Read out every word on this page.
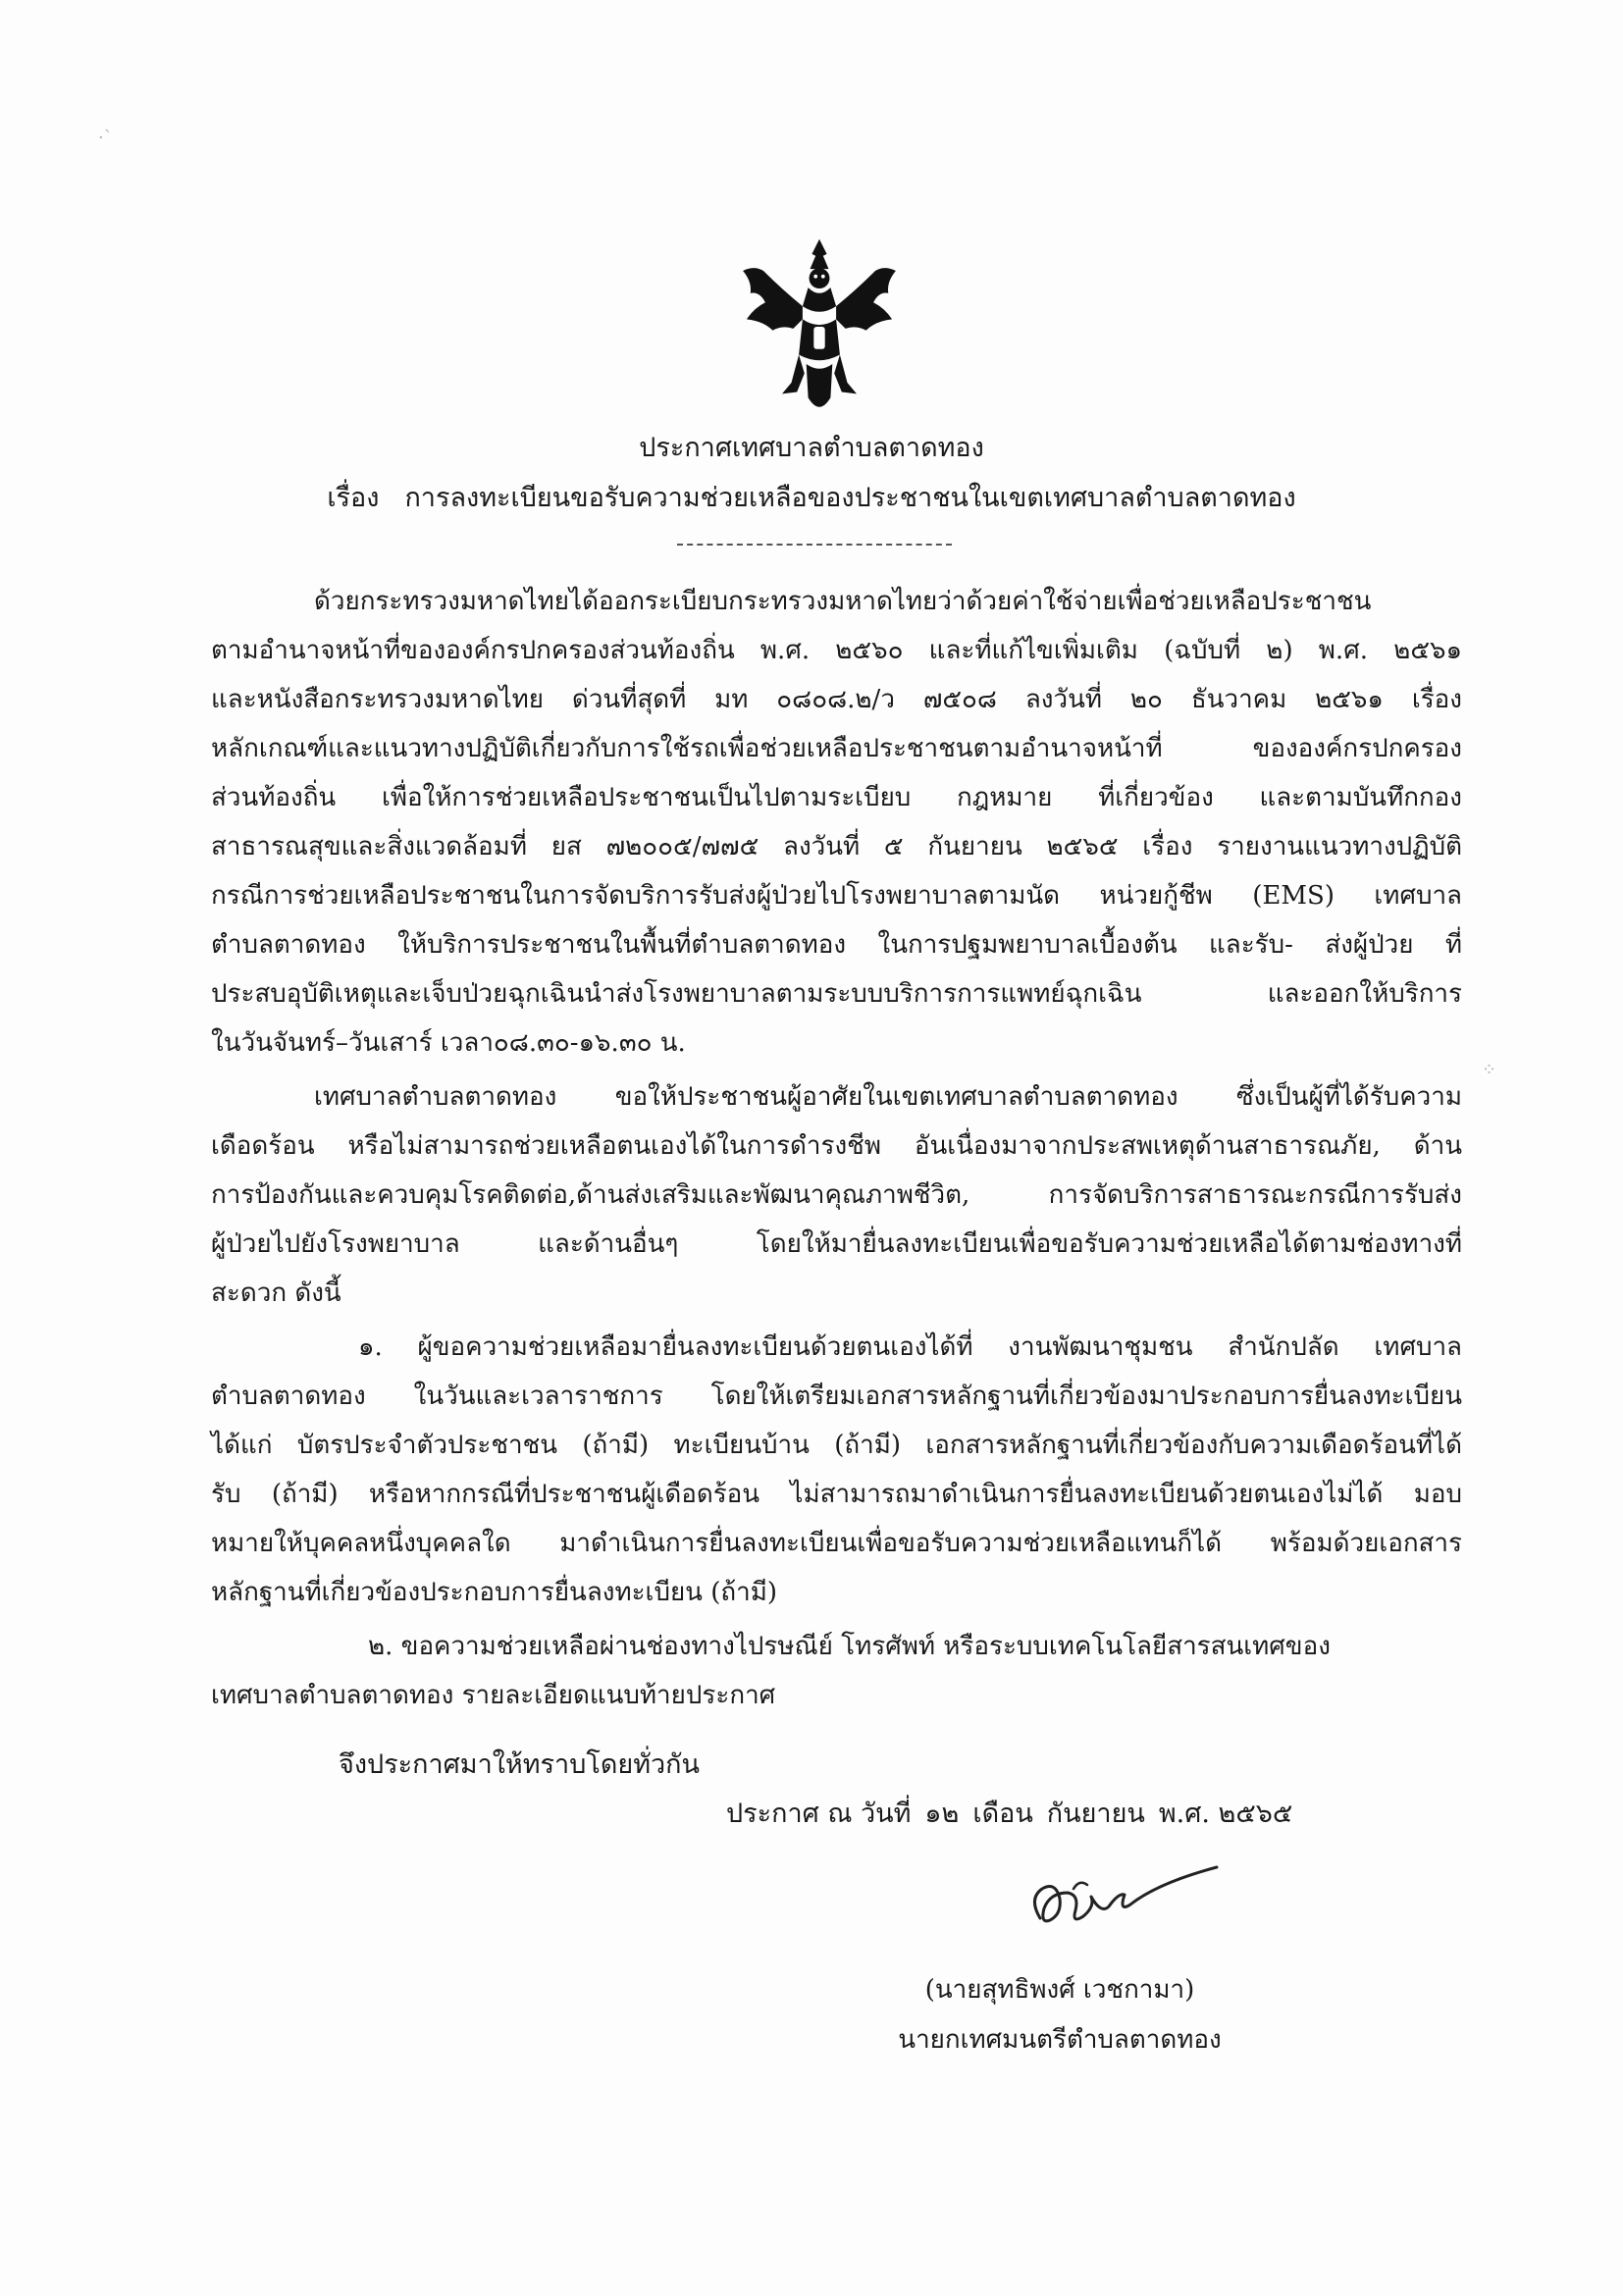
·`
⁘
ประกาศเทศบาลตำบลตาดทอง
เรื่อง การลงทะเบียนขอรับความช่วยเหลือของประชาชนในเขตเทศบาลตำบลตาดทอง
ด้วยกระทรวงมหาดไทยได้ออกระเบียบกระทรวงมหาดไทยว่าด้วยค่าใช้จ่ายเพื่อช่วยเหลือประชาชน
ตามอำนาจหน้าที่ขององค์กรปกครองส่วนท้องถิ่น พ.ศ. ๒๕๖๐ และที่แก้ไขเพิ่มเติม (ฉบับที่ ๒) พ.ศ. ๒๕๖๑
และหนังสือกระทรวงมหาดไทย ด่วนที่สุดที่ มท ๐๘๐๘.๒/ว ๗๕๐๘ ลงวันที่ ๒๐ ธันวาคม ๒๕๖๑ เรื่อง
หลักเกณฑ์และแนวทางปฏิบัติเกี่ยวกับการใช้รถเพื่อช่วยเหลือประชาชนตามอำนาจหน้าที่ ขององค์กรปกครอง
ส่วนท้องถิ่น เพื่อให้การช่วยเหลือประชาชนเป็นไปตามระเบียบ กฎหมาย ที่เกี่ยวข้อง และตามบันทึกกอง
สาธารณสุขและสิ่งแวดล้อมที่ ยส ๗๒๐๐๕/๗๗๕ ลงวันที่ ๕ กันยายน ๒๕๖๕ เรื่อง รายงานแนวทางปฏิบัติ
กรณีการช่วยเหลือประชาชนในการจัดบริการรับส่งผู้ป่วยไปโรงพยาบาลตามนัด หน่วยกู้ชีพ (EMS) เทศบาล
ตำบลตาดทอง ให้บริการประชาชนในพื้นที่ตำบลตาดทอง ในการปฐมพยาบาลเบื้องต้น และรับ- ส่งผู้ป่วย ที่
ประสบอุบัติเหตุและเจ็บป่วยฉุกเฉินนำส่งโรงพยาบาลตามระบบบริการการแพทย์ฉุกเฉิน และออกให้บริการ
ในวันจันทร์–วันเสาร์ เวลา๐๘.๓๐-๑๖.๓๐ น.
เทศบาลตำบลตาดทอง ขอให้ประชาชนผู้อาศัยในเขตเทศบาลตำบลตาดทอง ซึ่งเป็นผู้ที่ได้รับความ
เดือดร้อน หรือไม่สามารถช่วยเหลือตนเองได้ในการดำรงชีพ อันเนื่องมาจากประสพเหตุด้านสาธารณภัย, ด้าน
การป้องกันและควบคุมโรคติดต่อ,ด้านส่งเสริมและพัฒนาคุณภาพชีวิต, การจัดบริการสาธารณะกรณีการรับส่ง
ผู้ป่วยไปยังโรงพยาบาล และด้านอื่นๆ โดยให้มายื่นลงทะเบียนเพื่อขอรับความช่วยเหลือได้ตามช่องทางที่
สะดวก ดังนี้
๑. ผู้ขอความช่วยเหลือมายื่นลงทะเบียนด้วยตนเองได้ที่ งานพัฒนาชุมชน สำนักปลัด เทศบาล
ตำบลตาดทอง ในวันและเวลาราชการ โดยให้เตรียมเอกสารหลักฐานที่เกี่ยวข้องมาประกอบการยื่นลงทะเบียน
ได้แก่ บัตรประจำตัวประชาชน (ถ้ามี) ทะเบียนบ้าน (ถ้ามี) เอกสารหลักฐานที่เกี่ยวข้องกับความเดือดร้อนที่ได้
รับ (ถ้ามี) หรือหากกรณีที่ประชาชนผู้เดือดร้อน ไม่สามารถมาดำเนินการยื่นลงทะเบียนด้วยตนเองไม่ได้ มอบ
หมายให้บุคคลหนึ่งบุคคลใด มาดำเนินการยื่นลงทะเบียนเพื่อขอรับความช่วยเหลือแทนก็ได้ พร้อมด้วยเอกสาร
หลักฐานที่เกี่ยวข้องประกอบการยื่นลงทะเบียน (ถ้ามี)
๒. ขอความช่วยเหลือผ่านช่องทางไปรษณีย์ โทรศัพท์ หรือระบบเทคโนโลยีสารสนเทศของ
เทศบาลตำบลตาดทอง รายละเอียดแนบท้ายประกาศ
จึงประกาศมาให้ทราบโดยทั่วกัน
ประกาศ ณ วันที่ ๑๒ เดือน กันยายน พ.ศ. ๒๕๖๕
(นายสุทธิพงศ์ เวชกามา)
นายกเทศมนตรีตำบลตาดทอง
